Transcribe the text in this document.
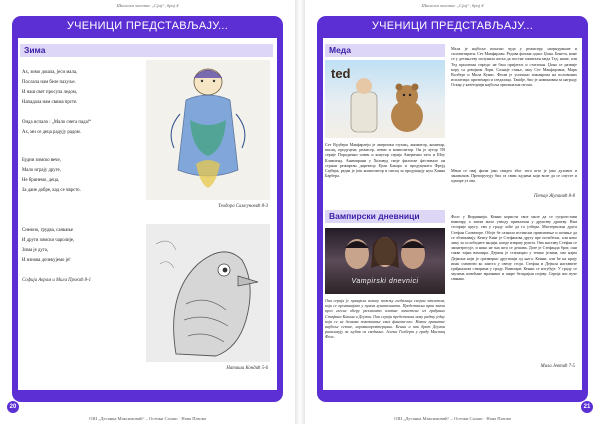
Школски часопис „Сјај“, број 4
УЧЕНИЦИ ПРЕДСТАВЉАЈУ...
Зима
Ах, зимо дошла, јеси мала,
Послала нам беле пахуље.
И наш свет просула ледом,
Нападала нам свима прсте.
Онда испало : „Мало снега пада!“
Ах, ми се деца радују радом.
Будни зимско вече,
Мало играју друге,
Не бринемо, деца,
За дане добре, кад се чврсто.
Теодора Самсуновић 8-3
Снежно, грудва, санкање
И други зимски чаролије,
Зима је дуга,
И изнова дочекујемо је!
Софија Аврам и Мила Прокић 8-1
Наташа Кондић 5-6
20
ОШ „Десанка Максимовић“ – Осечки Салаш · Нова Пазова
Школски часопис „Сјај“, број 4
УЧЕНИЦИ ПРЕДСТАВЉАЈУ...
Меда
ted
Сет Вудбери Макфарлејн је амерички глумац, аниматор, комичар, писац, продуцент, режисер, певач и композитор. Он је аутор ТВ серије Породични човек и коаутор серија Амерички тата и Шоу Кливленд. Анимирани у Холивуд своје филмске фестивале он страни режиртан директор Ејми Бакара и продуцената Фрејд Сајбера, редак је још композитор и писац за продукцију нум Ханна Барбера.
Мала је најбоље показао чуда у режисеру, нагрнуранше и склопитирати. Сет Макфарлан. Редова фазона однос Џона. Бенета, коме се у детињству испунила жеља да постне оживљен меда Тед, наше, али Тед приличан спреда: не баш пријатељ и статичан. Џона се развије пору са девојком Лори. Сазнаје стање, заку Сет Макфарлана, Марк Волберг и Мила Кунис. Филм је успешно изжанрова на половиних исплатица: критичари и гледалаца. Такође, био је номинован за награду Оскар у категорији најбоља оригинална песма.
Мени се овај филм јако свидео због тога што је јако духовит и занимљив. Препоручују бих га свим људима који воле да се опусте и одморе уз ово.
Петар Жупанић 8-8
Вампирски дневници
Vampirski dnevnici
Ова серија је привукла велику пажњу гледалаца својим заплетом, који се проминајаво у пуном лушталишта. Предстaвља прва значи кроз глесне кћеру различито влатне заплетене из грађаних Стефана Кишин и Дејмон. Ова серија представља нову радњу једну који се не дешава показивање свих фанова-ало. Након гранитне најбоље сезоне, неравнопровтерцини. Кенни и пак брат Деjмон ривализују за љубав са сведнине. Јелени Гилберт у граду Мистиц Фолс.
Фолс у Вирџинији. Кенни користи свое мкле да се супротстави вампиру, а затим мало узводу привлачан у друштву дрштву. Нам стоприје кругу, сви у граду хоће да га узберн. Мистериозан друга Стефан Салваторе. Обоје бе сазнала истински привлачење и почиње да се зближавају. Кенту Кинг је Стефанова другу пре погибељи, али неко лику за ослободите акцији, нигде извршу рушта. Ово наставу Стефан се заинтересује, и нико не зна шта се дешава. Дате је Стефанда брат, они такве тајни вампира. Дејмон је стагнирао у тешко јелима, ово најва Дејмона који је сразмерно другачији од њега. Кенни, али ће на крају ипак схватити ко заиста у свему стоји. Стефан и Деjмон наставите грађанским стварима у граду. Вампири: Кенни се изгубује. У граду се заузима повећане мрачнине и шире бескрајни појаву. Серија вас вуче свакако.
Мила Јевтић 7-5
21
ОШ „Десанка Максимовић“ – Осечки Салаш · Нова Пазова
